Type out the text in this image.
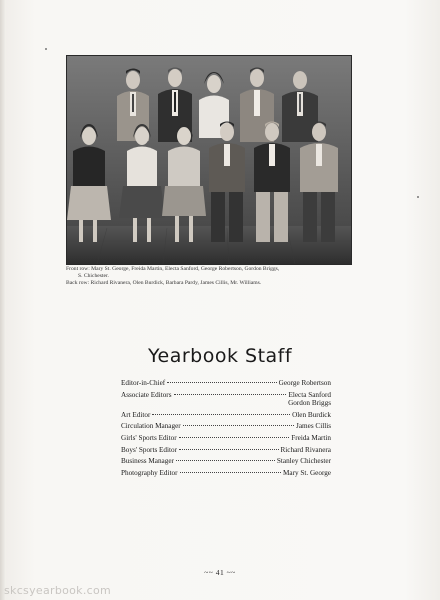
Front row: Mary St. George, Freida Martin, Electa Sanford, George Robertson, Gordon Briggs,
S. Chichester.
Back row: Richard Rivanera, Olen Burdick, Barbara Pardy, James Cillis, Mr. Williams.
Yearbook Staff
Editor-in-Chief	George Robertson
Associate Editors	Electa Sanford
Gordon Briggs
Art Editor	Olen Burdick
Circulation Manager	James Cillis
Girls' Sports Editor	Freida Martin
Boys' Sports Editor	Richard Rivanera
Business Manager	Stanley Chichester
Photography Editor	Mary St. George
~~ 41 ~~
skcsyearbook.com
